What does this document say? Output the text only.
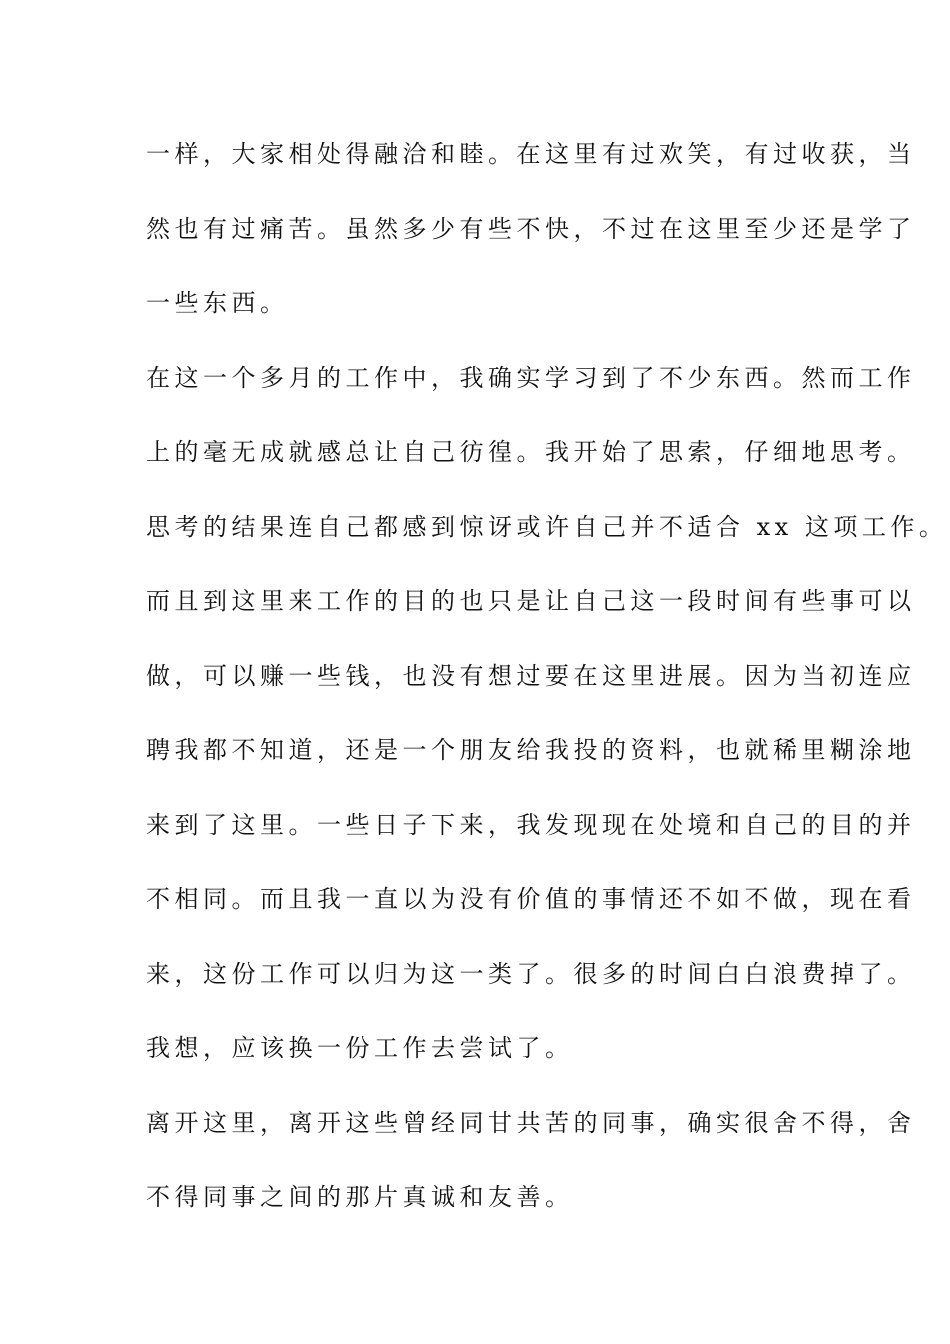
一样，大家相处得融洽和睦。在这里有过欢笑，有过收获，当
然也有过痛苦。虽然多少有些不快，不过在这里至少还是学了
一些东西。
在这一个多月的工作中，我确实学习到了不少东西。然而工作
上的毫无成就感总让自己彷徨。我开始了思索，仔细地思考。
思考的结果连自己都感到惊讶或许自己并不适合 xx 这项工作。
而且到这里来工作的目的也只是让自己这一段时间有些事可以
做，可以赚一些钱，也没有想过要在这里进展。因为当初连应
聘我都不知道，还是一个朋友给我投的资料，也就稀里糊涂地
来到了这里。一些日子下来，我发现现在处境和自己的目的并
不相同。而且我一直以为没有价值的事情还不如不做，现在看
来，这份工作可以归为这一类了。很多的时间白白浪费掉了。
我想，应该换一份工作去尝试了。
离开这里，离开这些曾经同甘共苦的同事，确实很舍不得，舍
不得同事之间的那片真诚和友善。
